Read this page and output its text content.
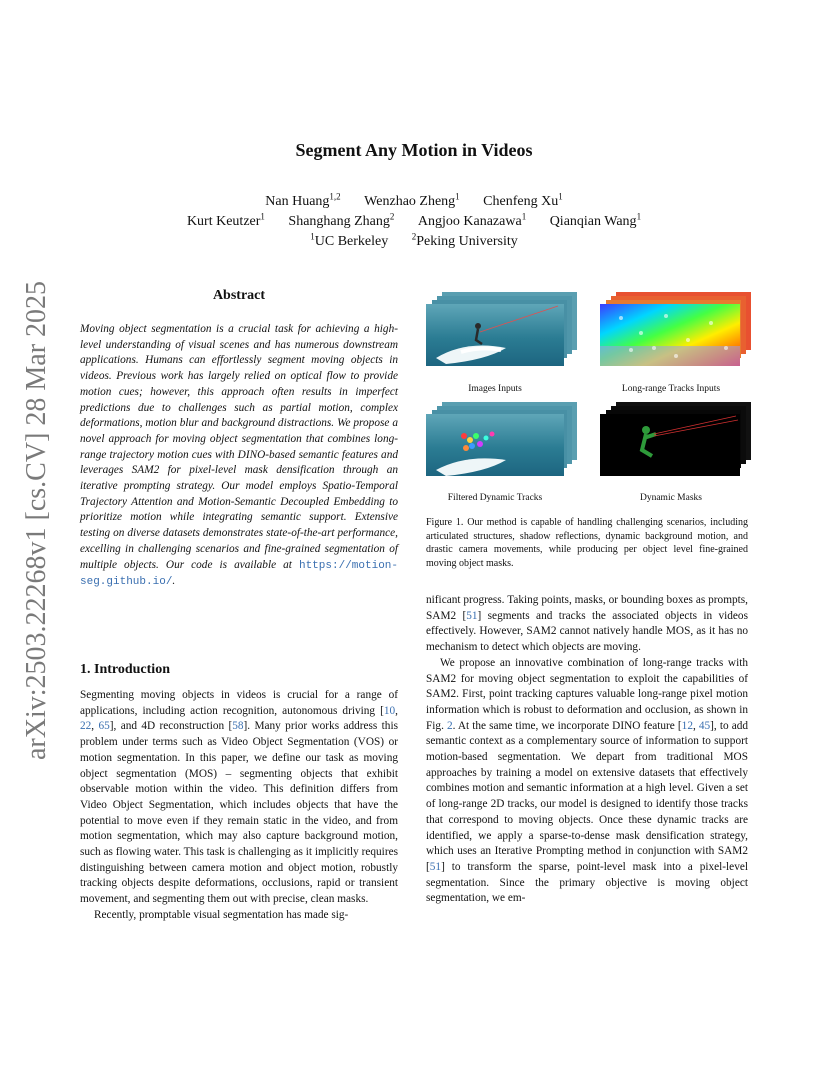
arXiv:2503.22268v1 [cs.CV] 28 Mar 2025
Segment Any Motion in Videos
Nan Huang$^{1,2}$ Wenzhao Zheng$^1$ Chenfeng Xu$^1$
Kurt Keutzer$^1$ Shanghang Zhang$^2$ Angjoo Kanazawa$^1$ Qianqian Wang$^1$
$^1$UC Berkeley	$^2$Peking University
Abstract
Moving object segmentation is a crucial task for achieving a high-level understanding of visual scenes and has numerous downstream applications. Humans can effortlessly segment moving objects in videos. Previous work has largely relied on optical flow to provide motion cues; however, this approach often results in imperfect predictions due to challenges such as partial motion, complex deformations, motion blur and background distractions. We propose a novel approach for moving object segmentation that combines long-range trajectory motion cues with DINO-based semantic features and leverages SAM2 for pixel-level mask densification through an iterative prompting strategy. Our model employs Spatio-Temporal Trajectory Attention and Motion-Semantic Decoupled Embedding to prioritize motion while integrating semantic support. Extensive testing on diverse datasets demonstrates state-of-the-art performance, excelling in challenging scenarios and fine-grained segmentation of multiple objects. Our code is available at https://motion-seg.github.io/.
1. Introduction

Segmenting moving objects in videos is crucial for a range of applications, including action recognition, autonomous driving [10, 22, 65], and 4D reconstruction [58]. Many prior works address this problem under terms such as Video Object Segmentation (VOS) or motion segmentation. In this paper, we define our task as moving object segmentation (MOS) – segmenting objects that exhibit observable motion within the video. This definition differs from Video Object Segmentation, which includes objects that have the potential to move even if they remain static in the video, and from motion segmentation, which may also capture background motion, such as flowing water. This task is challenging as it implicitly requires distinguishing between camera motion and object motion, robustly tracking objects despite deformations, occlusions, rapid or transient movement, and segmenting them out with precise, clean masks.

Recently, promptable visual segmentation has made sig-

Images Inputs	Long-range Tracks Inputs
Filtered Dynamic Tracks	Dynamic Masks
Figure 1. Our method is capable of handling challenging scenarios, including articulated structures, shadow reflections, dynamic background motion, and drastic camera movements, while producing per object level fine-grained moving object masks.

nificant progress. Taking points, masks, or bounding boxes as prompts, SAM2 [51] segments and tracks the associated objects in videos effectively. However, SAM2 cannot natively handle MOS, as it has no mechanism to detect which objects are moving.

We propose an innovative combination of long-range tracks with SAM2 for moving object segmentation to exploit the capabilities of SAM2. First, point tracking captures valuable long-range pixel motion information which is robust to deformation and occlusion, as shown in Fig. 2. At the same time, we incorporate DINO feature [12, 45], to add semantic context as a complementary source of information to support motion-based segmentation. We depart from traditional MOS approaches by training a model on extensive datasets that effectively combines motion and semantic information at a high level. Given a set of long-range 2D tracks, our model is designed to identify those tracks that correspond to moving objects. Once these dynamic tracks are identified, we apply a sparse-to-dense mask densification strategy, which uses an Iterative Prompting method in conjunction with SAM2 [51] to transform the sparse, point-level mask into a pixel-level segmentation. Since the primary objective is moving object segmentation, we em-
